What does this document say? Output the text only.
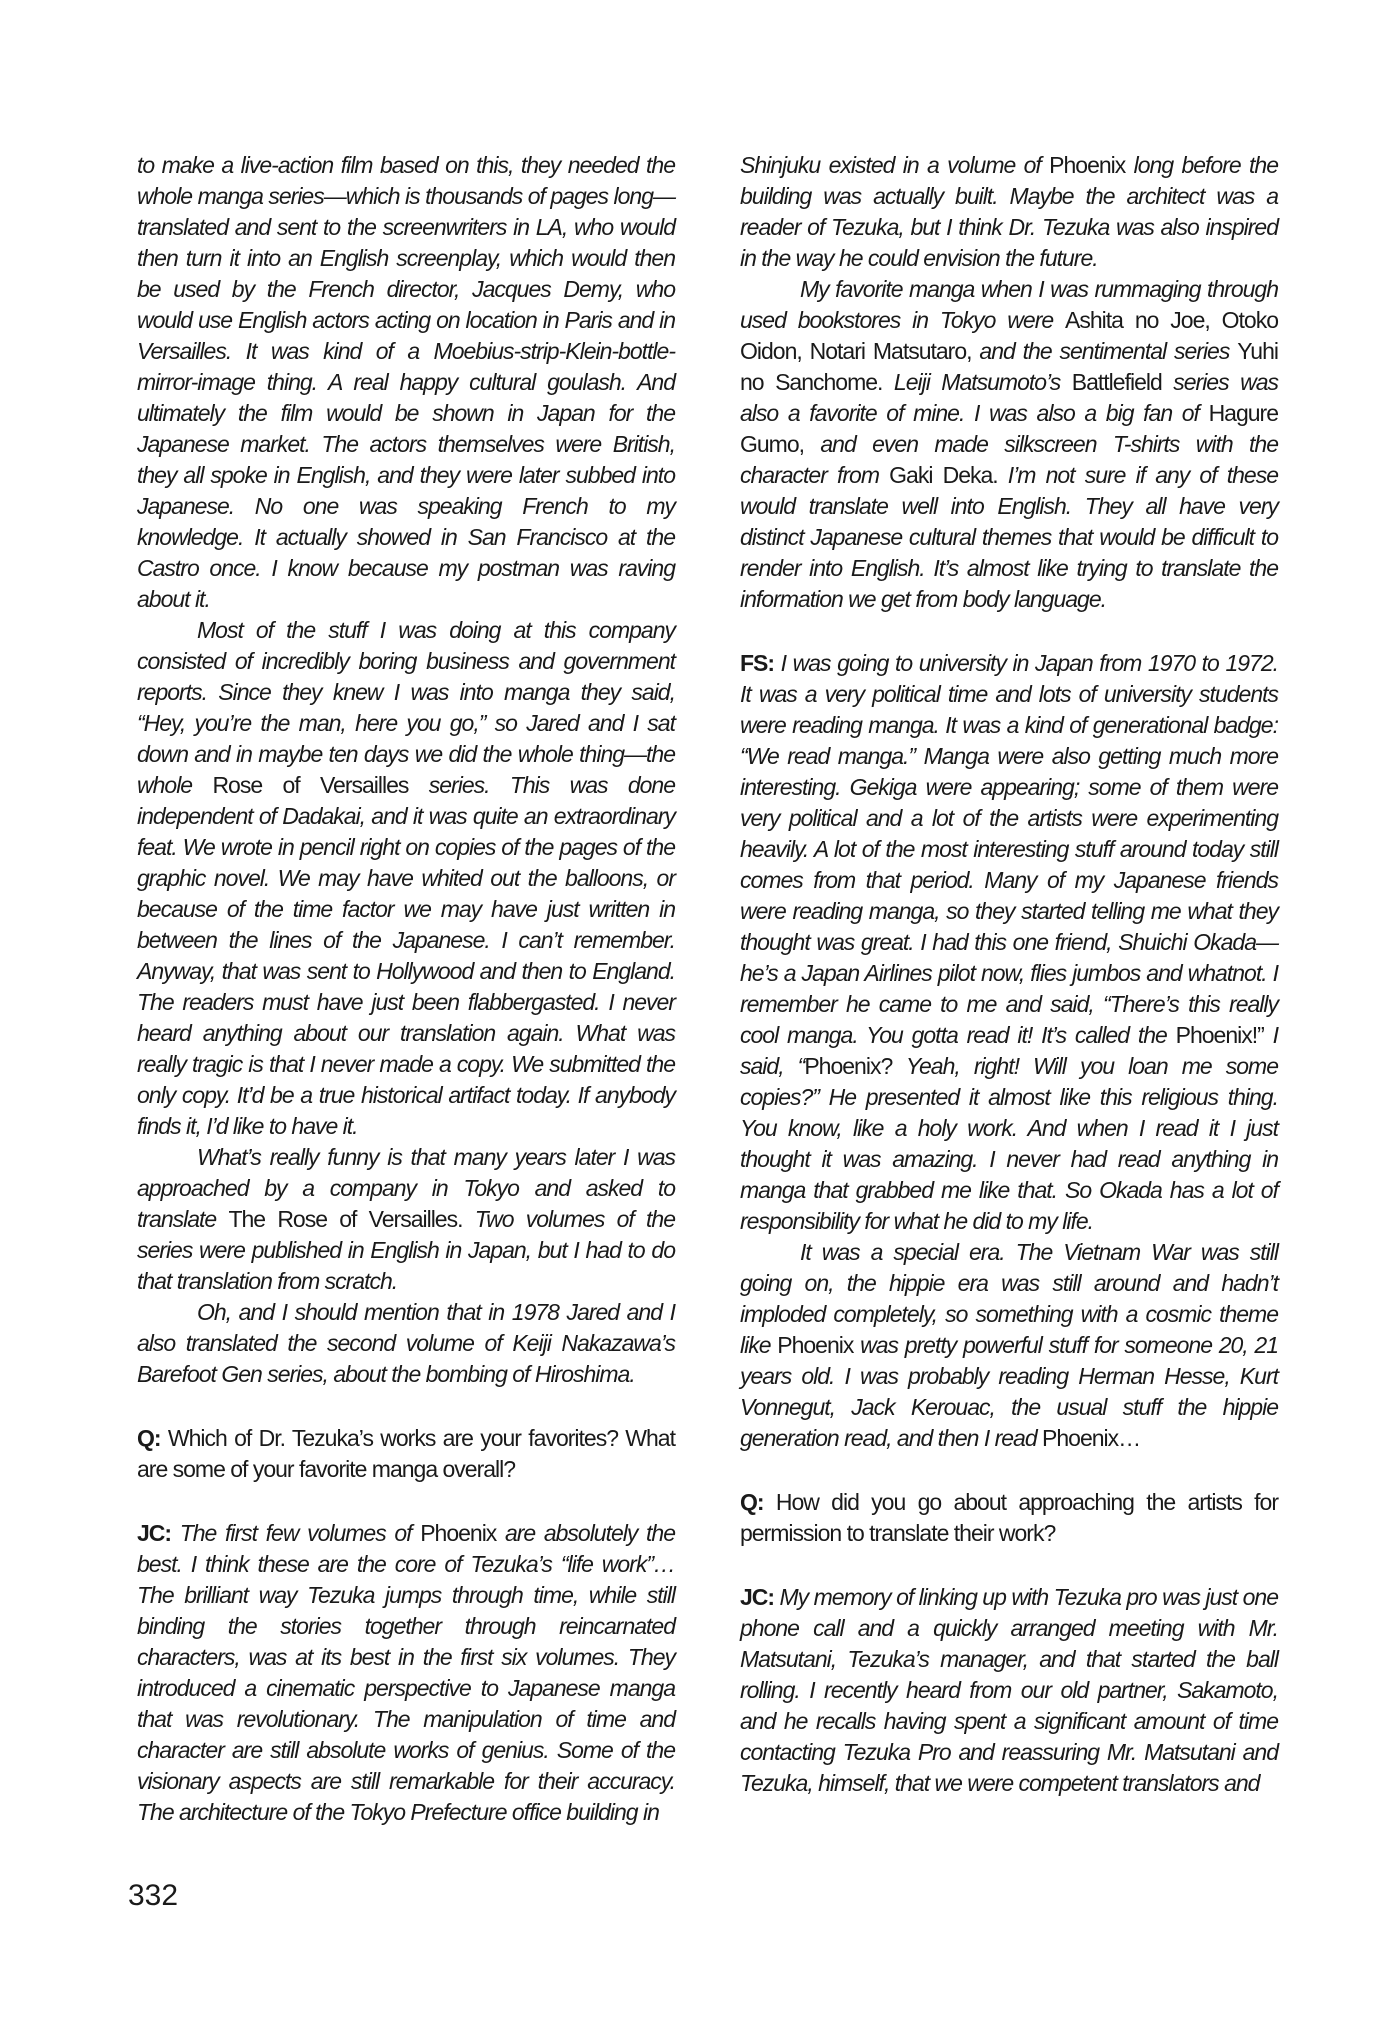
to make a live-action film based on this, they needed the whole manga series—which is thousands of pages long—translated and sent to the screenwriters in LA, who would then turn it into an English screenplay, which would then be used by the French director, Jacques Demy, who would use English actors acting on location in Paris and in Versailles. It was kind of a Moebius-strip-Klein-bottle-mirror-image thing. A real happy cultural goulash. And ultimately the film would be shown in Japan for the Japanese market. The actors themselves were British, they all spoke in English, and they were later subbed into Japanese. No one was speaking French to my knowledge. It actually showed in San Francisco at the Castro once. I know because my postman was raving about it.

Most of the stuff I was doing at this company consisted of incredibly boring business and government reports. Since they knew I was into manga they said, “Hey, you’re the man, here you go,” so Jared and I sat down and in maybe ten days we did the whole thing—the whole Rose of Versailles series. This was done independent of Dadakai, and it was quite an extraordinary feat. We wrote in pencil right on copies of the pages of the graphic novel. We may have whited out the balloons, or because of the time factor we may have just written in between the lines of the Japanese. I can’t remember. Anyway, that was sent to Hollywood and then to England. The readers must have just been flabbergasted. I never heard anything about our translation again. What was really tragic is that I never made a copy. We submitted the only copy. It’d be a true historical artifact today. If anybody finds it, I’d like to have it.

What’s really funny is that many years later I was approached by a company in Tokyo and asked to translate The Rose of Versailles. Two volumes of the series were published in English in Japan, but I had to do that translation from scratch.

Oh, and I should mention that in 1978 Jared and I also translated the second volume of Keiji Nakazawa’s Barefoot Gen series, about the bombing of Hiroshima.

Q: Which of Dr. Tezuka’s works are your favorites? What are some of your favorite manga overall?

JC: The first few volumes of Phoenix are absolutely the best. I think these are the core of Tezuka’s “life work”…The brilliant way Tezuka jumps through time, while still binding the stories together through reincarnated characters, was at its best in the first six volumes. They introduced a cinematic perspective to Japanese manga that was revolutionary. The manipulation of time and character are still absolute works of genius. Some of the visionary aspects are still remarkable for their accuracy. The architecture of the Tokyo Prefecture office building in

Shinjuku existed in a volume of Phoenix long before the building was actually built. Maybe the architect was a reader of Tezuka, but I think Dr. Tezuka was also inspired in the way he could envision the future.

My favorite manga when I was rummaging through used bookstores in Tokyo were Ashita no Joe, Otoko Oidon, Notari Matsutaro, and the sentimental series Yuhi no Sanchome. Leiji Matsumoto’s Battlefield series was also a favorite of mine. I was also a big fan of Hagure Gumo, and even made silkscreen T-shirts with the character from Gaki Deka. I’m not sure if any of these would translate well into English. They all have very distinct Japanese cultural themes that would be difficult to render into English. It’s almost like trying to translate the information we get from body language.

FS: I was going to university in Japan from 1970 to 1972. It was a very political time and lots of university students were reading manga. It was a kind of generational badge: “We read manga.” Manga were also getting much more interesting. Gekiga were appearing; some of them were very political and a lot of the artists were experimenting heavily. A lot of the most interesting stuff around today still comes from that period. Many of my Japanese friends were reading manga, so they started telling me what they thought was great. I had this one friend, Shuichi Okada—he’s a Japan Airlines pilot now, flies jumbos and whatnot. I remember he came to me and said, “There’s this really cool manga. You gotta read it! It’s called the Phoenix!” I said, “Phoenix? Yeah, right! Will you loan me some copies?” He presented it almost like this religious thing. You know, like a holy work. And when I read it I just thought it was amazing. I never had read anything in manga that grabbed me like that. So Okada has a lot of responsibility for what he did to my life.

It was a special era. The Vietnam War was still going on, the hippie era was still around and hadn’t imploded completely, so something with a cosmic theme like Phoenix was pretty powerful stuff for someone 20, 21 years old. I was probably reading Herman Hesse, Kurt Vonnegut, Jack Kerouac, the usual stuff the hippie generation read, and then I read Phoenix…

Q: How did you go about approaching the artists for permission to translate their work?

JC: My memory of linking up with Tezuka pro was just one phone call and a quickly arranged meeting with Mr. Matsutani, Tezuka’s manager, and that started the ball rolling. I recently heard from our old partner, Sakamoto, and he recalls having spent a significant amount of time contacting Tezuka Pro and reassuring Mr. Matsutani and Tezuka, himself, that we were competent translators and

332
